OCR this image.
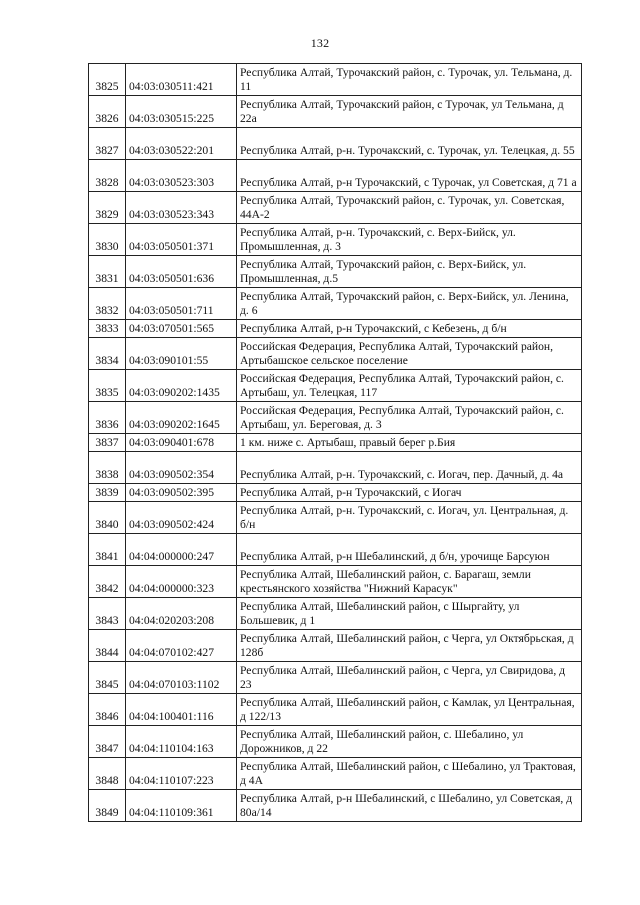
132
3825	04:03:030511:421	Республика Алтай, Турочакский район, с. Турочак, ул. Тельмана, д. 11
3826	04:03:030515:225	Республика Алтай, Турочакский район, с Турочак, ул Тельмана, д 22а
3827	04:03:030522:201	Республика Алтай, р-н. Турочакский, с. Турочак, ул. Телецкая, д. 55
3828	04:03:030523:303	Республика Алтай, р-н Турочакский, с Турочак, ул Советская, д 71 а
3829	04:03:030523:343	Республика Алтай, Турочакский район, с. Турочак, ул. Советская, 44А-2
3830	04:03:050501:371	Республика Алтай, р-н. Турочакский, с. Верх-Бийск, ул. Промышленная, д. 3
3831	04:03:050501:636	Республика Алтай, Турочакский район, с. Верх-Бийск, ул. Промышленная, д.5
3832	04:03:050501:711	Республика Алтай, Турочакский район, с. Верх-Бийск, ул. Ленина, д. 6
3833	04:03:070501:565	Республика Алтай, р-н Турочакский, с Кебезень, д б/н
3834	04:03:090101:55	Российская Федерация, Республика Алтай, Турочакский район, Артыбашское сельское поселение
3835	04:03:090202:1435	Российская Федерация, Республика Алтай, Турочакский район, с. Артыбаш, ул. Телецкая, 117
3836	04:03:090202:1645	Российская Федерация, Республика Алтай, Турочакский район, с. Артыбаш, ул. Береговая, д. 3
3837	04:03:090401:678	1 км. ниже с. Артыбаш, правый берег р.Бия
3838	04:03:090502:354	Республика Алтай, р-н. Турочакский, с. Иогач, пер. Дачный, д. 4а
3839	04:03:090502:395	Республика Алтай, р-н Турочакский, с Иогач
3840	04:03:090502:424	Республика Алтай, р-н. Турочакский, с. Иогач, ул. Центральная, д. б/н
3841	04:04:000000:247	Республика Алтай, р-н Шебалинский, д б/н, урочище Барсуюн
3842	04:04:000000:323	Республика Алтай, Шебалинский район, с. Барагаш, земли крестьянского хозяйства "Нижний Карасук"
3843	04:04:020203:208	Республика Алтай, Шебалинский район, с Шыргайту, ул Большевик, д 1
3844	04:04:070102:427	Республика Алтай, Шебалинский район, с Черга, ул Октябрьская, д 128б
3845	04:04:070103:1102	Республика Алтай, Шебалинский район, с Черга, ул Свиридова, д 23
3846	04:04:100401:116	Республика Алтай, Шебалинский район, с Камлак, ул Центральная, д 122/13
3847	04:04:110104:163	Республика Алтай, Шебалинский район, с. Шебалино, ул Дорожников, д 22
3848	04:04:110107:223	Республика Алтай, Шебалинский район, с Шебалино, ул Трактовая, д 4А
3849	04:04:110109:361	Республика Алтай, р-н Шебалинский, с Шебалино, ул Советская, д 80а/14
